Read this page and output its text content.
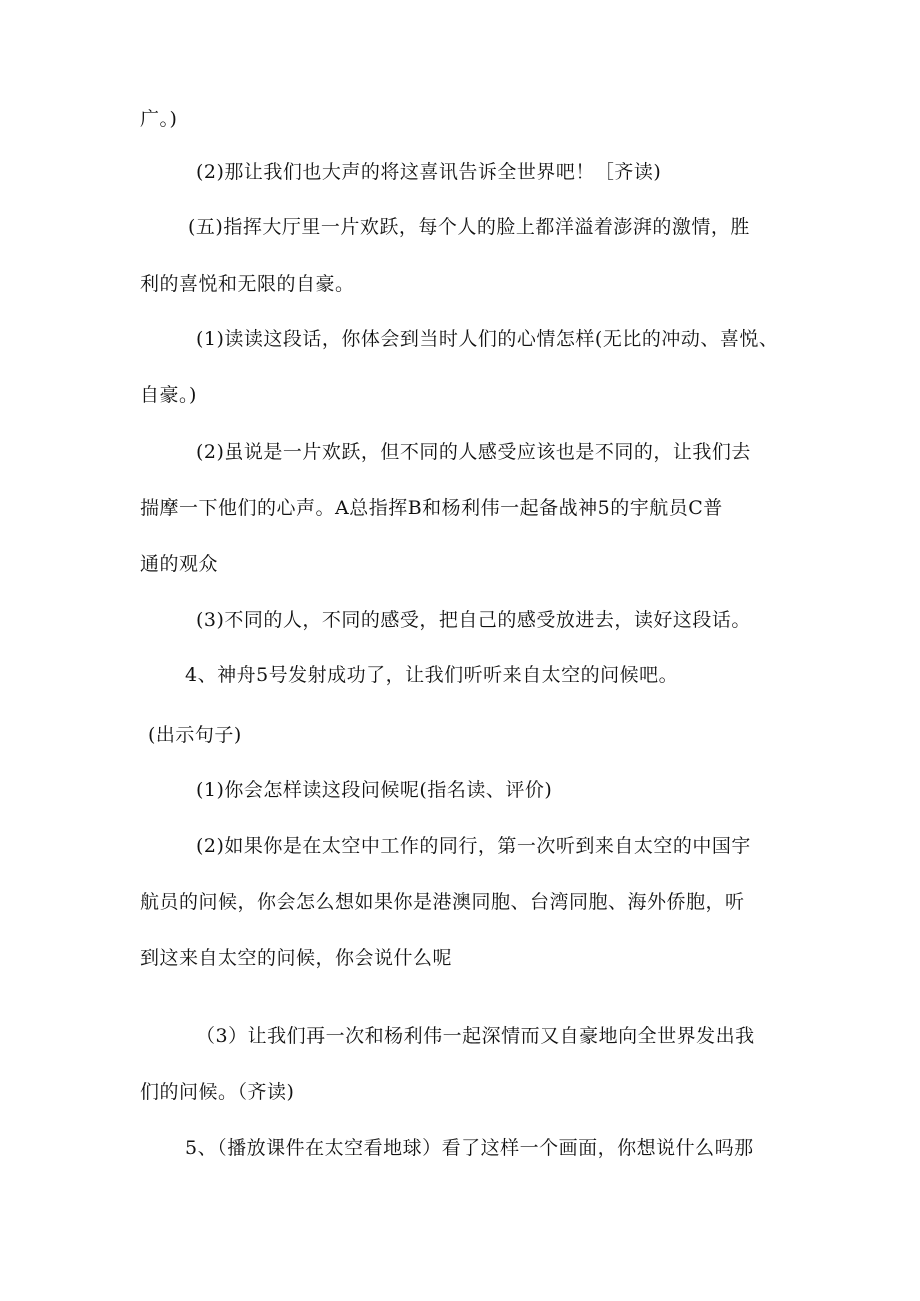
广。)
(2)那让我们也大声的将这喜讯告诉全世界吧！［齐读)
(五)指挥大厅里一片欢跃，每个人的脸上都洋溢着澎湃的激情，胜
利的喜悦和无限的自豪。
(1)读读这段话，你体会到当时人们的心情怎样(无比的冲动、喜悦、
自豪。)
(2)虽说是一片欢跃，但不同的人感受应该也是不同的，让我们去
揣摩一下他们的心声。A总指挥B和杨利伟一起备战神5的宇航员C普
通的观众
(3)不同的人，不同的感受，把自己的感受放进去，读好这段话。
4、神舟5号发射成功了，让我们听听来自太空的问候吧。
(出示句子)
(1)你会怎样读这段问候呢(指名读、评价)
(2)如果你是在太空中工作的同行，第一次听到来自太空的中国宇
航员的问候，你会怎么想如果你是港澳同胞、台湾同胞、海外侨胞，听
到这来自太空的问候，你会说什么呢
（3）让我们再一次和杨利伟一起深情而又自豪地向全世界发出我
们的问候。（齐读)
5、（播放课件在太空看地球）看了这样一个画面，你想说什么吗那
